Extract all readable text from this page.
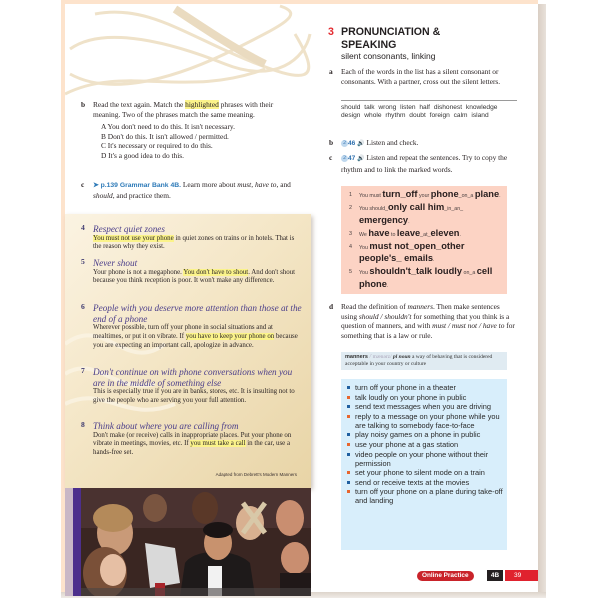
b Read the text again. Match the highlighted phrases with their meaning. Two of the phrases match the same meaning.
A You don't need to do this. It isn't necessary.
B Don't do this. It isn't allowed / permitted.
C It's necessary or required to do this.
D It's a good idea to do this.
c ➤ p.139 Grammar Bank 4B. Learn more about must, have to, and should, and practice them.
4 Respect quiet zones
You must not use your phone in quiet zones on trains or in hotels. That is the reason why they exist.
5 Never shout
Your phone is not a megaphone. You don't have to shout. And don't shout because you think reception is poor. It won't make any difference.
6 People with you deserve more attention than those at the end of a phone
Wherever possible, turn off your phone in social situations and at mealtimes, or put it on vibrate. If you have to keep your phone on because you are expecting an important call, apologize in advance.
7 Don't continue on with phone conversations when you are in the middle of something else
This is especially true if you are in banks, stores, etc. It is insulting not to give the people who are serving you your full attention.
8 Think about where you are calling from
Don't make (or receive) calls in inappropriate places. Put your phone on vibrate in meetings, movies, etc. If you must take a call in the car, use a hands-free set.
Adapted from Debrett's Modern Manners
3 PRONUNCIATION & SPEAKING
silent consonants, linking
a Each of the words in the list has a silent consonant or consonants. With a partner, cross out the silent letters.
should talk wrong listen half dishonest knowledge design whole rhythm doubt foreign calm island
b 2 46 🔊 Listen and check.
c 2 47 🔊 Listen and repeat the sentences. Try to copy the rhythm and to link the marked words.
1 You must turn_off your phone_on_a plane.
2 You should_only call him_in_an_ emergency.
3 We have to leave_at_eleven.
4 You must not_open_other people's_ emails.
5 You shouldn't_talk loudly on_a cell phone.
d Read the definition of manners. Then make sentences using should / shouldn't for something that you think is a question of manners, and with must / must not / have to for something that is a law or rule.
manners /ˈmænərz/ pl noun a way of behaving that is considered acceptable in your country or culture
turn off your phone in a theater
talk loudly on your phone in public
send text messages when you are driving
reply to a message on your phone while you are talking to somebody face-to-face
play noisy games on a phone in public
use your phone at a gas station
video people on your phone without their permission
set your phone to silent mode on a train
send or receive texts at the movies
turn off your phone on a plane during take-off and landing
Online Practice	4B	39
